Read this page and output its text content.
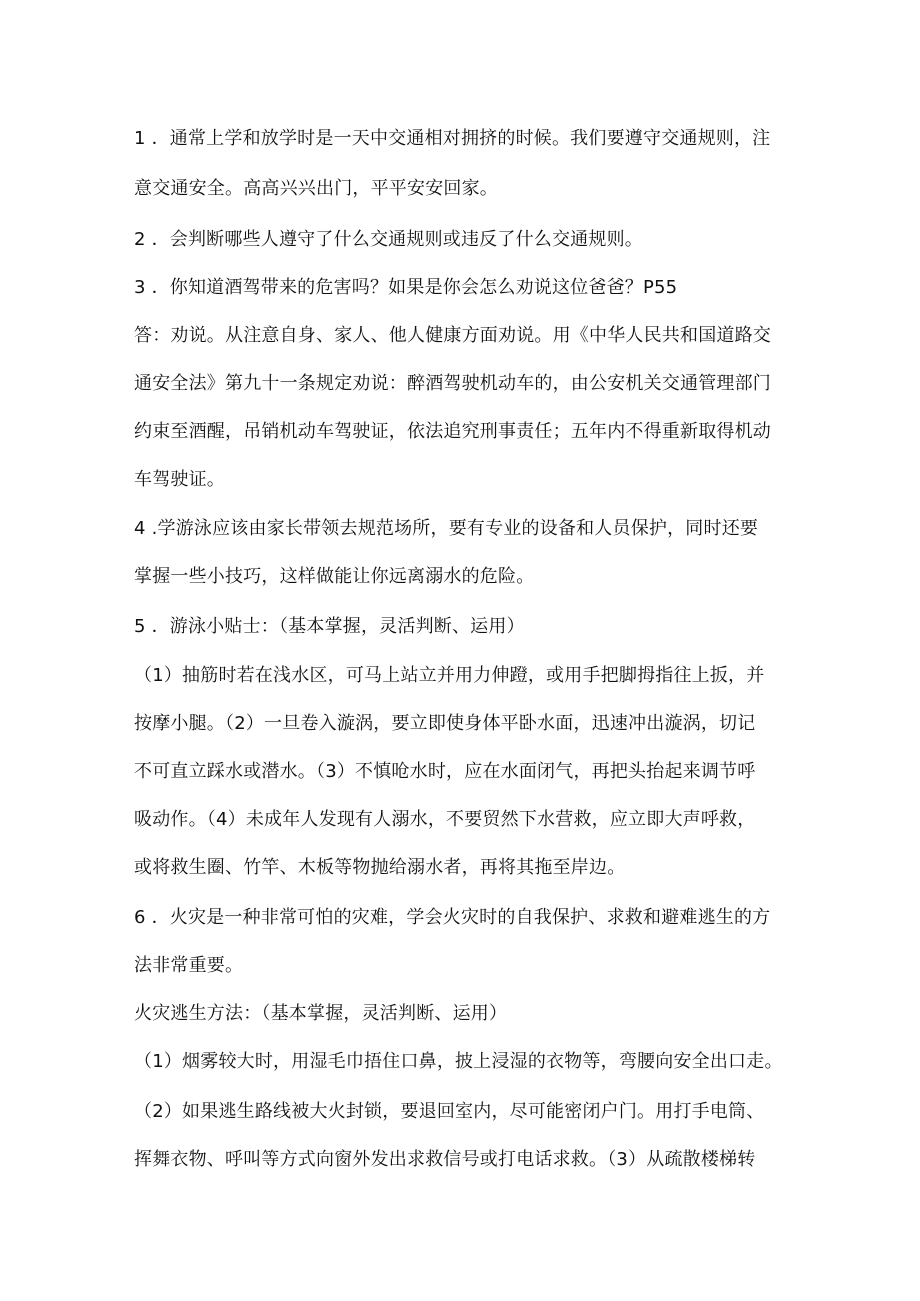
1 ．通常上学和放学时是一天中交通相对拥挤的时候。我们要遵守交通规则，注
意交通安全。高高兴兴出门，平平安安回家。
2 ．会判断哪些人遵守了什么交通规则或违反了什么交通规则。
3 ．你知道酒驾带来的危害吗？如果是你会怎么劝说这位爸爸？P55
答：劝说。从注意自身、家人、他人健康方面劝说。用《中华人民共和国道路交
通安全法》第九十一条规定劝说：醉酒驾驶机动车的，由公安机关交通管理部门
约束至酒醒，吊销机动车驾驶证，依法追究刑事责任；五年内不得重新取得机动
车驾驶证。
4 .学游泳应该由家长带领去规范场所，要有专业的设备和人员保护，同时还要
掌握一些小技巧，这样做能让你远离溺水的危险。
5 ．游泳小贴士：（基本掌握，灵活判断、运用）
（1）抽筋时若在浅水区，可马上站立并用力伸蹬，或用手把脚拇指往上扳，并
按摩小腿。（2）一旦卷入漩涡，要立即使身体平卧水面，迅速冲出漩涡，切记
不可直立踩水或潜水。（3）不慎呛水时，应在水面闭气，再把头抬起来调节呼
吸动作。（4）未成年人发现有人溺水，不要贸然下水营救，应立即大声呼救，
或将救生圈、竹竿、木板等物抛给溺水者，再将其拖至岸边。
6 ．火灾是一种非常可怕的灾难，学会火灾时的自我保护、求救和避难逃生的方
法非常重要。
火灾逃生方法：（基本掌握，灵活判断、运用）
（1）烟雾较大时，用湿毛巾捂住口鼻，披上浸湿的衣物等，弯腰向安全出口走。
（2）如果逃生路线被大火封锁，要退回室内，尽可能密闭户门。用打手电筒、
挥舞衣物、呼叫等方式向窗外发出求救信号或打电话求救。（3）从疏散楼梯转
